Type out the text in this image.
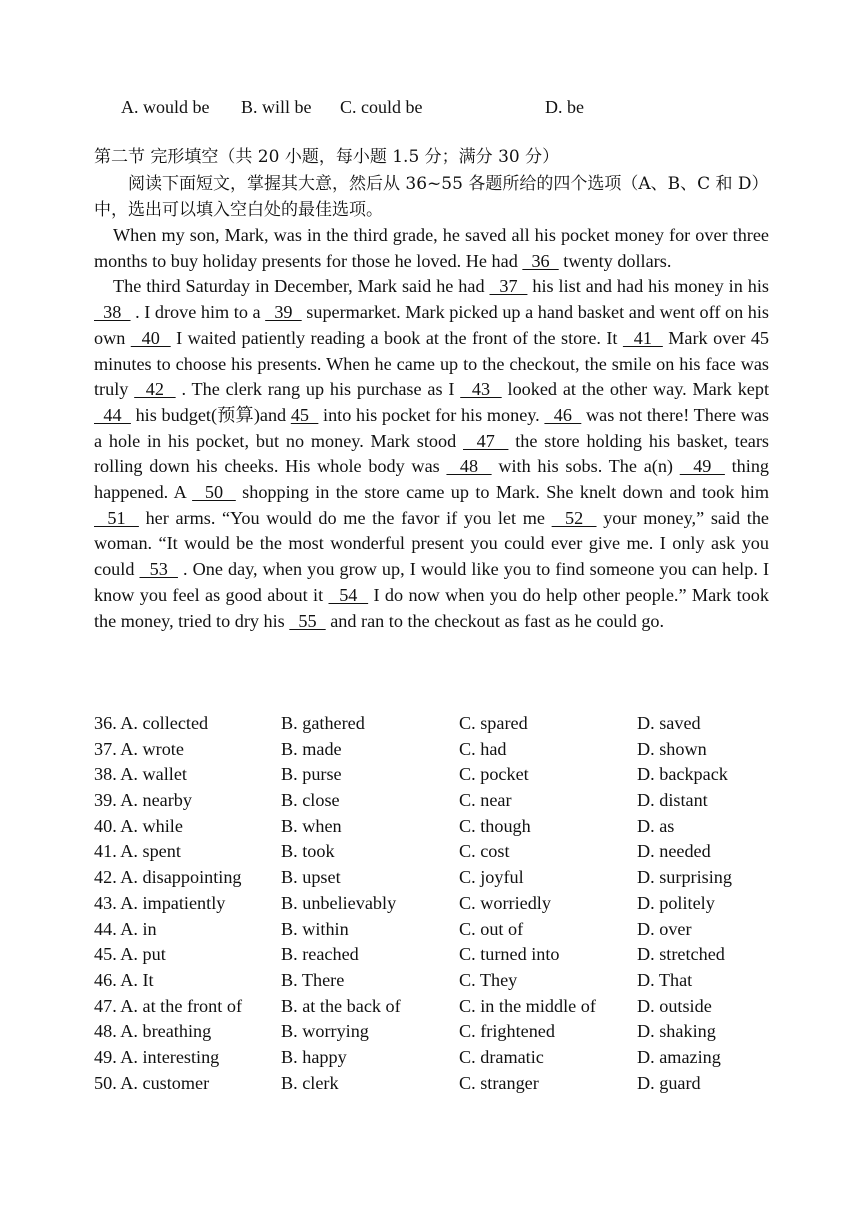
A. would be B. will be C. could be	D. be
第二节 完形填空（共 20 小题，每小题 1.5 分；满分 30 分）
阅读下面短文，掌握其大意，然后从 36~55 各题所给的四个选项（A、B、C 和 D）中，选出可以填入空白处的最佳选项。

When my son, Mark, was in the third grade, he saved all his pocket money for over three months to buy holiday presents for those he loved. He had   36   twenty dollars.

The third Saturday in December, Mark said he had   37   his list and had his money in his   38   . I drove him to a   39   supermarket. Mark picked up a hand basket and went off on his own   40   I waited patiently reading a book at the front of the store. It   41   Mark over 45 minutes to choose his presents. When he came up to the checkout, the smile on his face was truly   42   . The clerk rang up his purchase as I   43   looked at the other way. Mark kept   44   his budget(预算)and 45   into his pocket for his money.   46   was not there! There was a hole in his pocket, but no money. Mark stood   47   the store holding his basket, tears rolling down his cheeks. His whole body was   48   with his sobs. The a(n)   49   thing happened. A   50   shopping in the store came up to Mark. She knelt down and took him   51   her arms. “You would do me the favor if you let me   52   your money,” said the woman. “It would be the most wonderful present you could ever give me. I only ask you could   53   . One day, when you grow up, I would like you to find someone you can help. I know you feel as good about it   54   I do now when you do help other people.” Mark took the money, tried to dry his   55   and ran to the checkout as fast as he could go.

36. A. collected	B. gathered	C. spared	D. saved
37. A. wrote	B. made	C. had	D. shown
38. A. wallet	B. purse	C. pocket	D. backpack
39. A. nearby	B. close	C. near	D. distant
40. A. while	B. when	C. though	D. as
41. A. spent	B. took	C. cost	D. needed
42. A. disappointing	B. upset	C. joyful	D. surprising
43. A. impatiently	B. unbelievably	C. worriedly	D. politely
44. A. in	B. within	C. out of	D. over
45. A. put	B. reached	C. turned into	D. stretched
46. A. It	B. There	C. They	D. That
47. A. at the front of	B. at the back of	C. in the middle of	D. outside
48. A. breathing	B. worrying	C. frightened	D. shaking
49. A. interesting	B. happy	C. dramatic	D. amazing
50. A. customer	B. clerk	C. stranger	D. guard
